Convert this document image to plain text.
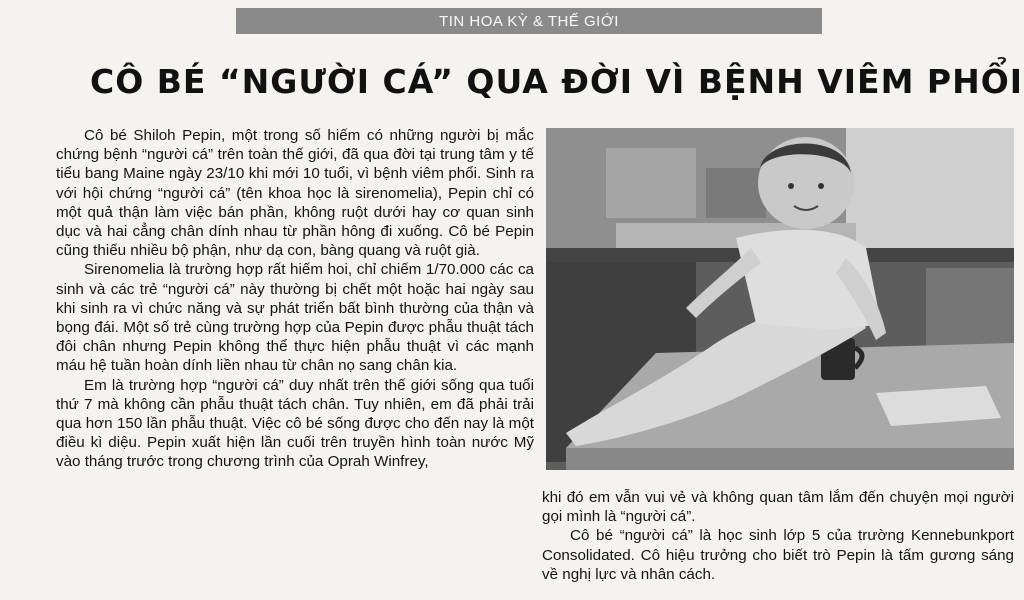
TIN HOA KỲ & THẾ GIỚI
CÔ BÉ “NGƯỜI CÁ” QUA ĐỜI VÌ BỆNH VIÊM PHỔI

Cô bé Shiloh Pepin, một trong số hiếm có những người bị mắc chứng bệnh “người cá” trên toàn thế giới, đã qua đời tại trung tâm y tế tiểu bang Maine ngày 23/10 khi mới 10 tuổi, vì bệnh viêm phổi. Sinh ra với hội chứng “người cá” (tên khoa học là sirenomelia), Pepin chỉ có một quả thận làm việc bán phần, không ruột dưới hay cơ quan sinh dục và hai cẳng chân dính nhau từ phần hông đi xuống. Cô bé Pepin cũng thiếu nhiều bộ phận, như dạ con, bàng quang và ruột già.

Sirenomelia là trường hợp rất hiếm hoi, chỉ chiếm 1/70.000 các ca sinh và các trẻ “người cá” này thường bị chết một hoặc hai ngày sau khi sinh ra vì chức năng và sự phát triển bất bình thường của thận và bọng đái. Một số trẻ cùng trường hợp của Pepin được phẫu thuật tách đôi chân nhưng Pepin không thể thực hiện phẫu thuật vì các mạnh máu hệ tuần hoàn dính liền nhau từ chân nọ sang chân kia.

Em là trường hợp “người cá” duy nhất trên thế giới sống qua tuổi thứ 7 mà không cần phẫu thuật tách chân. Tuy nhiên, em đã phải trải qua hơn 150 lần phẫu thuật. Việc cô bé sống được cho đến nay là một điều kì diệu. Pepin xuất hiện lần cuối trên truyền hình toàn nước Mỹ vào tháng trước trong chương trình của Oprah Winfrey,

khi đó em vẫn vui vẻ và không quan tâm lắm đến chuyện mọi người gọi mình là “người cá”.

Cô bé “người cá” là học sinh lớp 5 của trường Kennebunkport Consolidated. Cô hiệu trưởng cho biết trò Pepin là tấm gương sáng về nghị lực và nhân cách.
